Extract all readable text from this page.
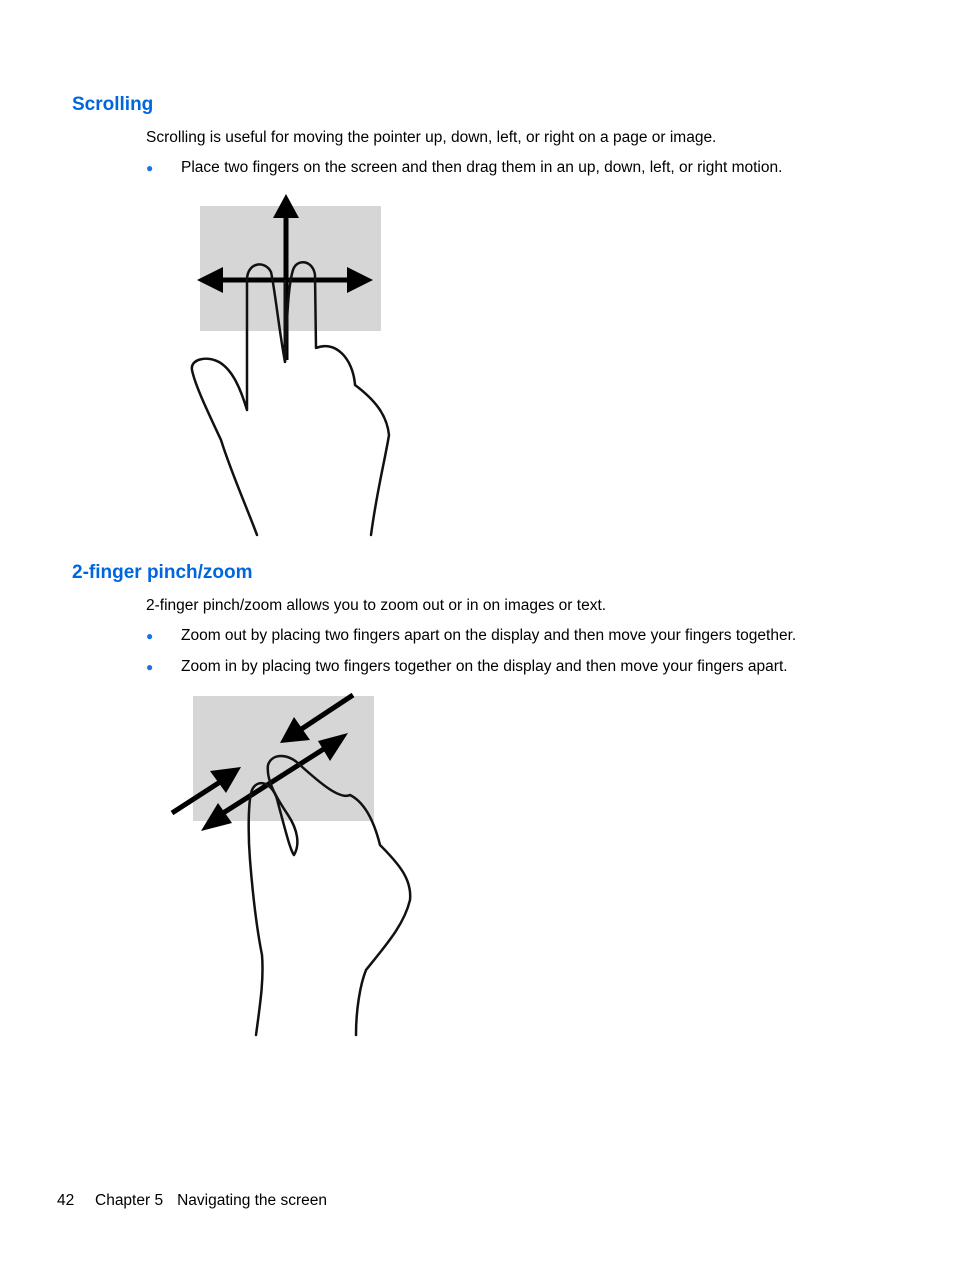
Scrolling

Scrolling is useful for moving the pointer up, down, left, or right on a page or image.

● Place two fingers on the screen and then drag them in an up, down, left, or right motion.
2-finger pinch/zoom

2-finger pinch/zoom allows you to zoom out or in on images or text.

● Zoom out by placing two fingers apart on the display and then move your fingers together.
● Zoom in by placing two fingers together on the display and then move your fingers apart.
42 Chapter 5 Navigating the screen
